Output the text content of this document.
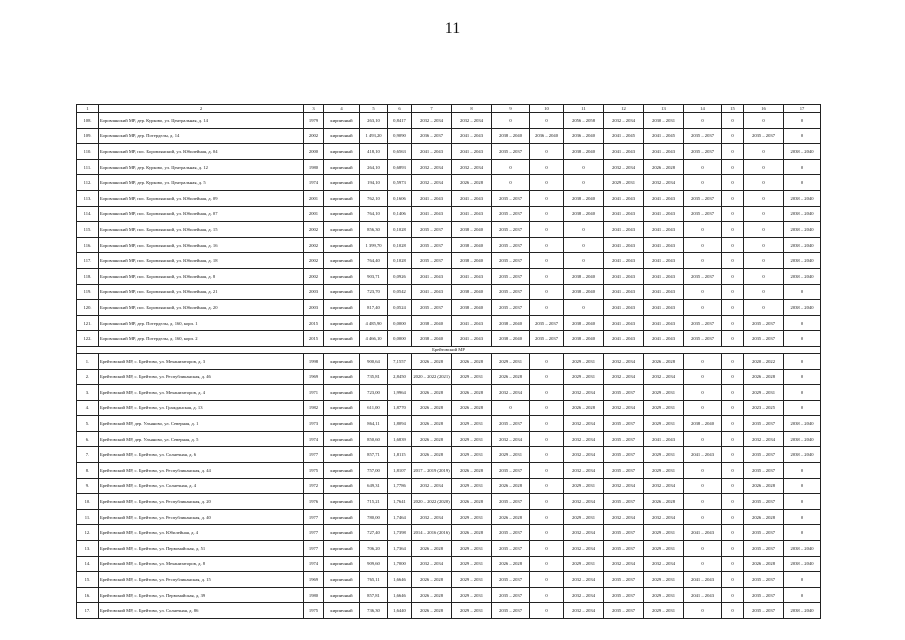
11
1	2	3	4	5	6	7	8	9	10	11	12	13	14	15	16	17
108.	Боровлянский МР, дер. Курково, ул. Центральная, д. 14	1979	кирпичный	263,10	0,8417	2032 – 2034	2032 – 2034	0	0	2056 – 2058	2032 – 2034	2030 – 2031	0	0	0	0
109.	Боровлянский МР, дер. Потерделы, д. 14	2002	кирпичный	1 493,20	0,9090	2036 – 2037	2041 – 2043	2038 – 2040	2036 – 2040	2036 – 2040	2041 – 2045	2041 – 2045	2035 – 2037	0	2035 – 2037	0
110.	Боровлянский МР, пос. Боровлянский, ул. Юбилейная, д. 04	2000	кирпичный	418,10	0,6563	2041 – 2043	2041 – 2043	2035 – 2037	0	2038 – 2040	2041 – 2043	2041 – 2043	2035 – 2037	0	0	2038 – 2040
111.	Боровлянский МР, дер. Курково, ул. Центральная, д. 12	1980	кирпичный	264,10	0,6893	2032 – 2034	2032 – 2034	0	0	0	2032 – 2034	2026 – 2028	0	0	0	0
112.	Боровлянский МР, дер. Курково, ул. Центральная, д. 5	1974	кирпичный	194,10	0,5973	2032 – 2034	2026 – 2028	0	0	0	2029 – 2031	2032 – 2034	0	0	0	0
113.	Боровлянский МР, пос. Боровлянский, ул. Юбилейная, д. 09	2001	кирпичный	762,10	0,1606	2041 – 2043	2041 – 2043	2035 – 2037	0	2038 – 2040	2041 – 2043	2041 – 2043	2035 – 2037	0	0	2038 – 2040
114.	Боровлянский МР, пос. Боровлянский, ул. Юбилейная, д. 07	2001	кирпичный	764,10	0,1406	2041 – 2043	2041 – 2043	2035 – 2037	0	2038 – 2040	2041 – 2043	2041 – 2043	2035 – 2037	0	0	2038 – 2040
115.	Боровлянский МР, пос. Боровлянский, ул. Юбилейная, д. 15	2002	кирпичный	856,30	0,1028	2035 – 2037	2038 – 2040	2035 – 2037	0	0	2041 – 2043	2041 – 2043	0	0	0	2038 – 2040
116.	Боровлянский МР, пос. Боровлянский, ул. Юбилейная, д. 16	2002	кирпичный	1 399,70	0,1028	2035 – 2037	2038 – 2040	2035 – 2037	0	0	2041 – 2043	2041 – 2043	0	0	0	2038 – 2040
117.	Боровлянский МР, пос. Боровлянский, ул. Юбилейная, д. 18	2002	кирпичный	764,40	0,1028	2035 – 2037	2038 – 2040	2035 – 2037	0	0	2041 – 2043	2041 – 2043	0	0	0	2038 – 2040
118.	Боровлянский МР, пос. Боровлянский, ул. Юбилейная, д. 8	2002	кирпичный	903,71	0,0926	2041 – 2043	2041 – 2043	2035 – 2037	0	2038 – 2040	2041 – 2043	2041 – 2043	2035 – 2037	0	0	2038 – 2040
119.	Боровлянский МР, пос. Боровлянский, ул. Юбилейная, д. 21	2003	кирпичный	723,70	0,0542	2041 – 2043	2038 – 2040	2035 – 2037	0	2038 – 2040	2041 – 2043	2041 – 2043	0	0	0	0
120.	Боровлянский МР, пос. Боровлянский, ул. Юбилейная, д. 20	2003	кирпичный	817,40	0,0524	2035 – 2037	2038 – 2040	2035 – 2037	0	0	2041 – 2043	2041 – 2043	0	0	0	2038 – 2040
121.	Боровлянский МР, дер. Потерделы, д. 160, корп. 1	2015	кирпичный	4 485,90	0,0000	2038 – 2040	2041 – 2043	2038 – 2040	2035 – 2037	2038 – 2040	2041 – 2043	2041 – 2043	2035 – 2037	0	2035 – 2037	0
122.	Боровлянский МР, дер. Потерделы, д. 160, корп. 2	2015	кирпичный	4 466,10	0,0000	2038 – 2040	2041 – 2043	2038 – 2040	2035 – 2037	2038 – 2040	2041 – 2043	2041 – 2043	2035 – 2037	0	2035 – 2037	0
Брейтовский МР																
1.	Брейтовский МР, с. Брейтово, ул. Механизаторов, д. 3	1998	кирпичный	900,64	7,1557	2026 – 2028	2026 – 2028	2029 – 2031	0	2029 – 2031	2032 – 2034	2026 – 2028	0	0	2020 – 2022	0
2.	Брейтовский МР, с. Брейтово, ул. Республиканская, д. 46	1969	кирпичный	735,81	2,8450	2020 – 2022 (2021)	2029 – 2031	2026 – 2028	0	2029 – 2031	2032 – 2034	2032 – 2034	0	0	2026 – 2028	0
3.	Брейтовский МР, с. Брейтово, ул. Механизаторов, д. 4	1971	кирпичный	723,00	1,9964	2026 – 2028	2026 – 2028	2032 – 2034	0	2032 – 2034	2035 – 2037	2029 – 2031	0	0	2029 – 2031	0
4.	Брейтовский МР, с. Брейтово, ул. Гражданская, д. 13	1982	кирпичный	611,00	1,8770	2026 – 2028	2026 – 2028	0	0	2026 – 2028	2032 – 2034	2029 – 2031	0	0	2023 – 2025	0
5.	Брейтовский МР, дер. Ульяново, ул. Северная, д. 1	1973	кирпичный	864,11	1,8094	2026 – 2028	2029 – 2031	2035 – 2037	0	2032 – 2034	2035 – 2037	2029 – 2031	2038 – 2040	0	2035 – 2037	2038 – 2040
6.	Брейтовский МР, дер. Ульяново, ул. Северная, д. 5	1974	кирпичный	850,60	1,6839	2026 – 2028	2029 – 2031	2032 – 2034	0	2032 – 2034	2035 – 2037	2041 – 2043	0	0	2032 – 2034	2038 – 2040
7.	Брейтовский МР, с. Брейтово, ул. Солнечная, д. 6	1977	кирпичный	857,71	1,8115	2026 – 2028	2029 – 2031	2029 – 2031	0	2032 – 2034	2035 – 2037	2029 – 2031	2041 – 2043	0	2035 – 2037	2038 – 2040
8.	Брейтовский МР, с. Брейтово, ул. Республиканская, д. 44	1975	кирпичный	757,00	1,8107	2017 – 2019 (2019)	2026 – 2028	2035 – 2037	0	2032 – 2034	2035 – 2037	2029 – 2031	0	0	2035 – 2037	0
9.	Брейтовский МР, с. Брейтово, ул. Солнечная, д. 4	1972	кирпичный	649,31	1,7786	2032 – 2034	2029 – 2031	2026 – 2028	0	2029 – 2031	2032 – 2034	2032 – 2034	0	0	2026 – 2028	0
10.	Брейтовский МР, с. Брейтово, ул. Республиканская, д. 20	1976	кирпичный	715,21	1,7641	2020 – 2022 (2020)	2026 – 2028	2035 – 2037	0	2032 – 2034	2035 – 2037	2026 – 2028	0	0	2035 – 2037	0
11.	Брейтовский МР, с. Брейтово, ул. Республиканская, д. 40	1977	кирпичный	780,00	1,7464	2032 – 2034	2029 – 2031	2026 – 2028	0	2029 – 2031	2032 – 2034	2032 – 2034	0	0	2026 – 2028	0
12.	Брейтовский МР, с. Брейтово, ул. Юбилейная, д. 4	1977	кирпичный	727,40	1,7398	2014 – 2016 (2016)	2026 – 2028	2035 – 2037	0	2032 – 2034	2035 – 2037	2029 – 2031	2041 – 2043	0	2035 – 2037	0
13.	Брейтовский МР, с. Брейтово, ул. Первомайская, д. 51	1977	кирпичный	706,20	1,7364	2026 – 2028	2029 – 2031	2035 – 2037	0	2032 – 2034	2035 – 2037	2029 – 2031	0	0	2035 – 2037	2038 – 2040
14.	Брейтовский МР, с. Брейтово, ул. Механизаторов, д. 8	1974	кирпичный	909,60	1,7000	2032 – 2034	2029 – 2031	2026 – 2028	0	2029 – 2031	2032 – 2034	2032 – 2034	0	0	2026 – 2028	2038 – 2040
15.	Брейтовский МР, с. Брейтово, ул. Республиканская, д. 15	1969	кирпичный	765,11	1,6646	2026 – 2028	2029 – 2031	2035 – 2037	0	2032 – 2034	2035 – 2037	2029 – 2031	2041 – 2043	0	2035 – 2037	0
16.	Брейтовский МР, с. Брейтово, ул. Первомайская, д. 39	1980	кирпичный	857,81	1,6646	2026 – 2028	2029 – 2031	2035 – 2037	0	2032 – 2034	2035 – 2037	2029 – 2031	2041 – 2043	0	2035 – 2037	0
17.	Брейтовский МР, с. Брейтово, ул. Солнечная, д. 86	1975	кирпичный	736,30	1,6440	2026 – 2028	2029 – 2031	2035 – 2037	0	2032 – 2034	2035 – 2037	2029 – 2031	0	0	2035 – 2037	2038 – 2040
